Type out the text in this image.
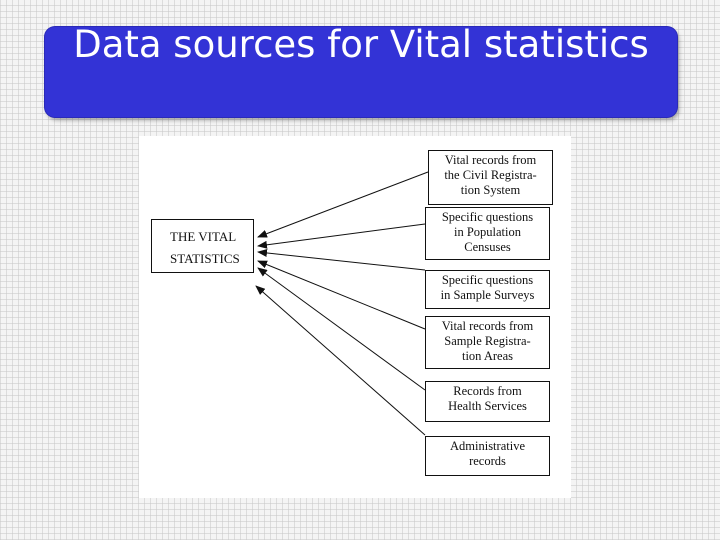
Data sources for Vital statistics
THE VITAL
STATISTICS
Vital records from
the Civil Registra-
tion System
Specific questions
in Population
Censuses
Specific questions
in Sample Surveys
Vital records from
Sample Registra-
tion Areas
Records from
Health Services
Administrative
records
